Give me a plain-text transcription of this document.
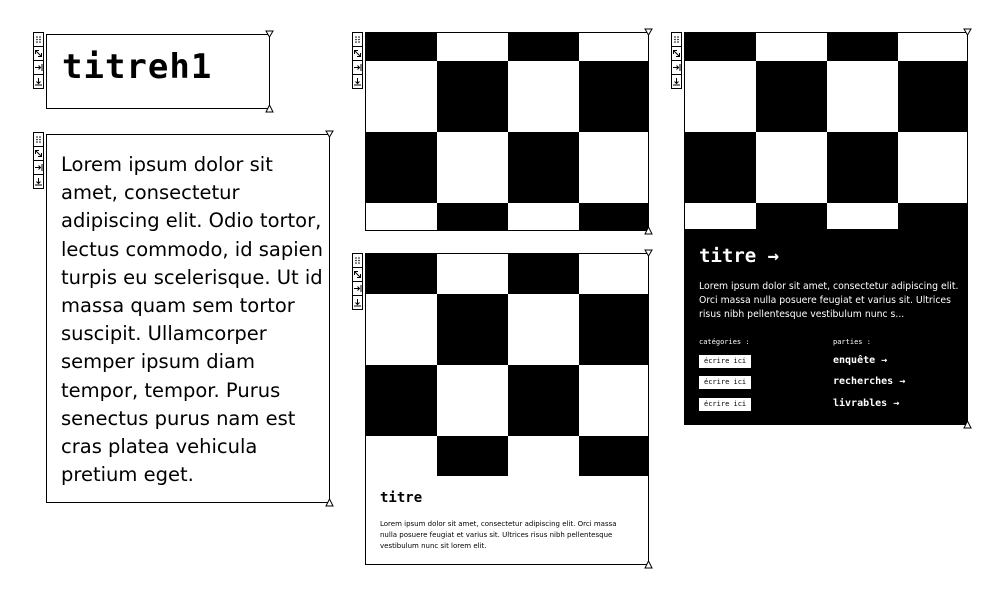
titreh1
Lorem ipsum dolor sit amet, consectetur adipiscing elit. Odio tortor, lectus commodo, id sapien turpis eu scelerisque. Ut id massa quam sem tortor suscipit. Ullamcorper semper ipsum diam tempor, tempor. Purus senectus purus nam est cras platea vehicula pretium eget.
titre
Lorem ipsum dolor sit amet, consectetur adipiscing elit. Orci massa nulla posuere feugiat et varius sit. Ultrices risus nibh pellentesque vestibulum nunc sit lorem elit.
titre →
Lorem ipsum dolor sit amet, consectetur adipiscing elit. Orci massa nulla posuere feugiat et varius sit. Ultrices risus nibh pellentesque vestibulum nunc s...
catégories :	parties :
écrire ici
écrire ici
écrire ici
enquête →
recherches →
livrables →
